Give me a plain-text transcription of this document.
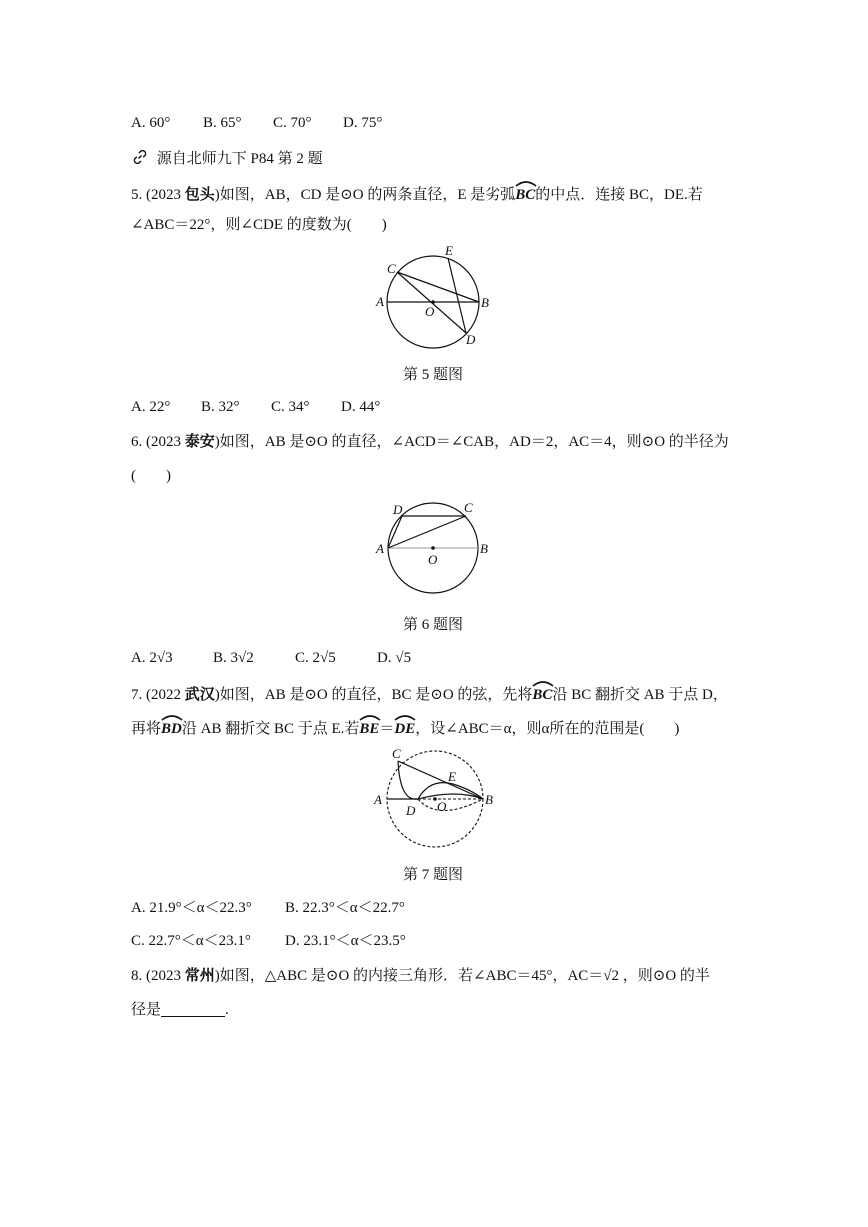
A. 60° B. 65° C. 70° D. 75°
源自北师九下 P84 第 2 题
5. (2023 包头)如图，AB，CD 是⊙O 的两条直径，E 是劣弧
BC的中点．连接 BC，DE.若
∠ABC＝22°，则∠CDE 的度数为(　　)
A	B
C
D
E
O
第 5 题图
A. 22° B. 32° C. 34° D. 44°
6. (2023 泰安)如图，AB 是⊙O 的直径，∠ACD＝∠CAB，AD＝2，AC＝4，则⊙O 的半径为
(　　)
A	B
C
D
O
第 6 题图
A. 2√3	B. 3√2	C. 2√5	D. √5
7. (2022 武汉)如图，AB 是⊙O 的直径，BC 是⊙O 的弦，先将
BC沿 BC 翻折交 AB 于点 D，
再将
BD沿 AB 翻折交 BC 于点 E.若
BE＝
DE，设∠ABC＝α，则α所在的范围是(　　)
A	B
C
D
E
O
第 7 题图
A. 21.9°＜α＜22.3° B. 22.3°＜α＜22.7°
C. 22.7°＜α＜23.1° D. 23.1°＜α＜23.5°
8. (2023 常州)如图，△ABC 是⊙O 的内接三角形．若∠ABC＝45°，AC＝√2 ，则⊙O 的半
径是	.
